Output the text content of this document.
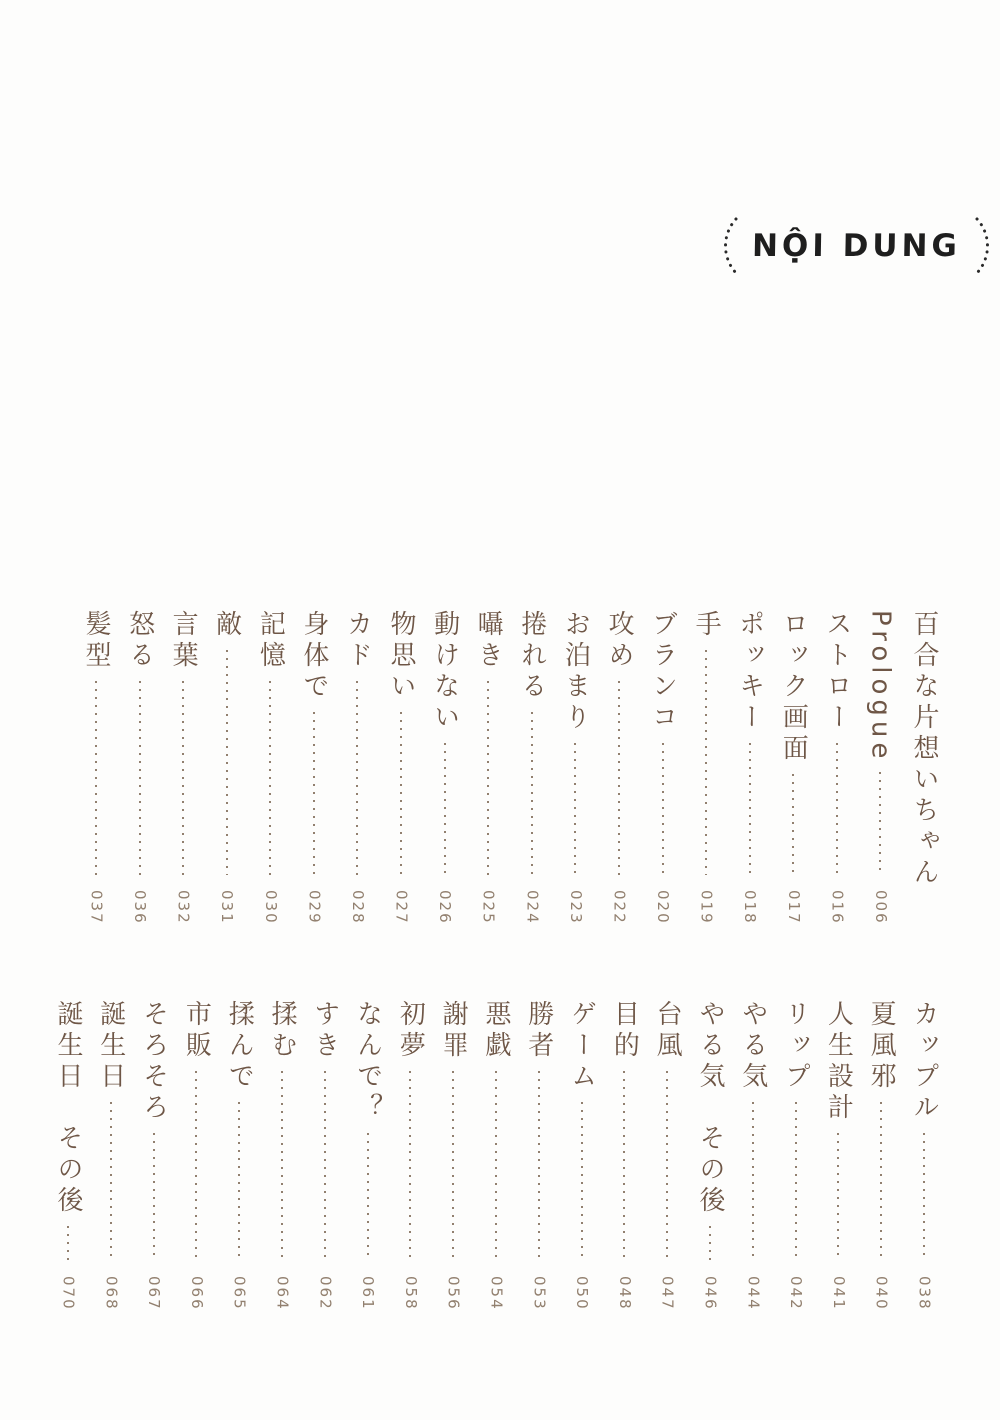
NỘI DUNG
百合な片想いちゃん
Prologue
006
ストロー
016
ロック画面
017
ポッキー
018
手
019
ブランコ
020
攻め
022
お泊まり
023
捲れる
024
囁き
025
動けない
026
物思い
027
カド
028
身体で
029
記憶
030
敵
031
言葉
032
怒る
036
髪型
037
カップル
038
夏風邪
040
人生設計
041
リップ
042
やる気
044
やる気　その後
046
台風
047
目的
048
ゲーム
050
勝者
053
悪戯
054
謝罪
056
初夢
058
なんで？
061
すき
062
揉む
064
揉んで
065
市販
066
そろそろ
067
誕生日
068
誕生日　その後
070
